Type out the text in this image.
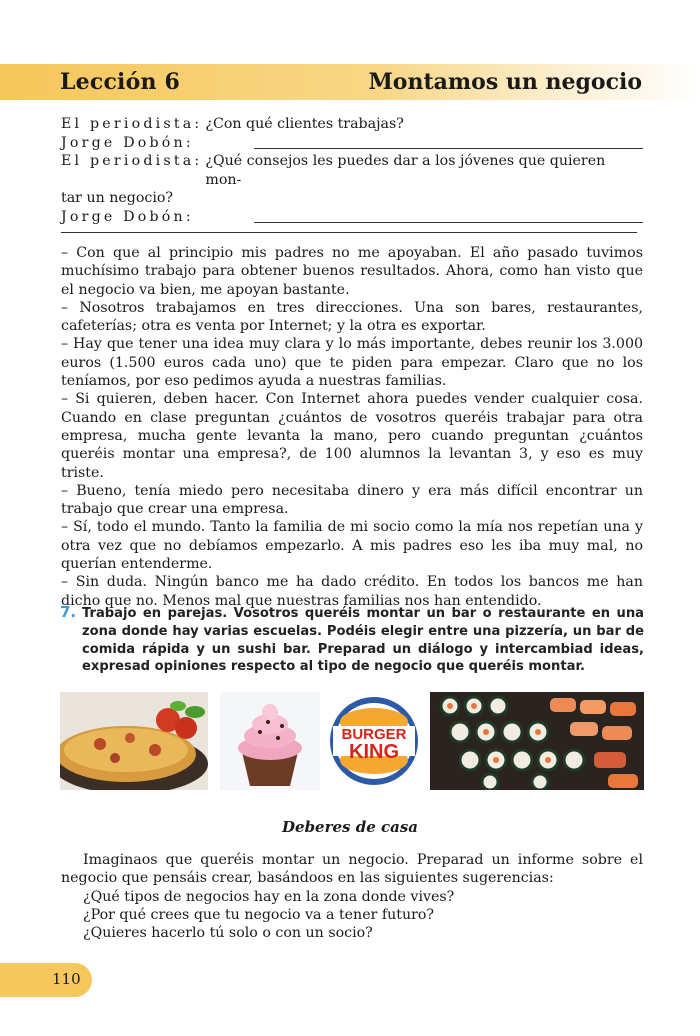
Lección 6	Montamos un negocio
El periodista: ¿Con qué clientes trabajas?
Jorge Dobón:
El periodista: ¿Qué consejos les puedes dar a los jóvenes que quieren mon-
tar un negocio?
Jorge Dobón:

– Con que al principio mis padres no me apoyaban. El año pasado tuvimos muchísimo trabajo para obtener buenos resultados. Ahora, como han visto que el negocio va bien, me apoyan bastante.

– Nosotros trabajamos en tres direcciones. Una son bares, restaurantes, cafeterías; otra es venta por Internet; y la otra es exportar.

– Hay que tener una idea muy clara y lo más importante, debes reunir los 3.000 euros (1.500 euros cada uno) que te piden para empezar. Claro que no los teníamos, por eso pedimos ayuda a nuestras familias.

– Si quieren, deben hacer. Con Internet ahora puedes vender cualquier cosa. Cuando en clase preguntan ¿cuántos de vosotros queréis trabajar para otra empresa, mucha gente levanta la mano, pero cuando preguntan ¿cuántos queréis montar una empresa?, de 100 alumnos la levantan 3, y eso es muy triste.

– Bueno, tenía miedo pero necesitaba dinero y era más difícil encontrar un trabajo que crear una empresa.

– Sí, todo el mundo. Tanto la familia de mi socio como la mía nos repetían una y otra vez que no debíamos empezarlo. A mis padres eso les iba muy mal, no querían entenderme.

– Sin duda. Ningún banco me ha dado crédito. En todos los bancos me han dicho que no. Menos mal que nuestras familias nos han entendido.

7. Trabajo en parejas. Vosotros queréis montar un bar o restaurante en una zona donde hay varias escuelas. Podéis elegir entre una pizzería, un bar de comida rápida y un sushi bar. Preparad un diálogo y intercambiad ideas, expresad opiniones respecto al tipo de negocio que queréis montar.
BURGER
KING
Deberes de casa

Imaginaos que queréis montar un negocio. Preparad un informe sobre el negocio que pensáis crear, basándoos en las siguientes sugerencias:

¿Qué tipos de negocios hay en la zona donde vives?

¿Por qué crees que tu negocio va a tener futuro?

¿Quieres hacerlo tú solo o con un socio?

110
